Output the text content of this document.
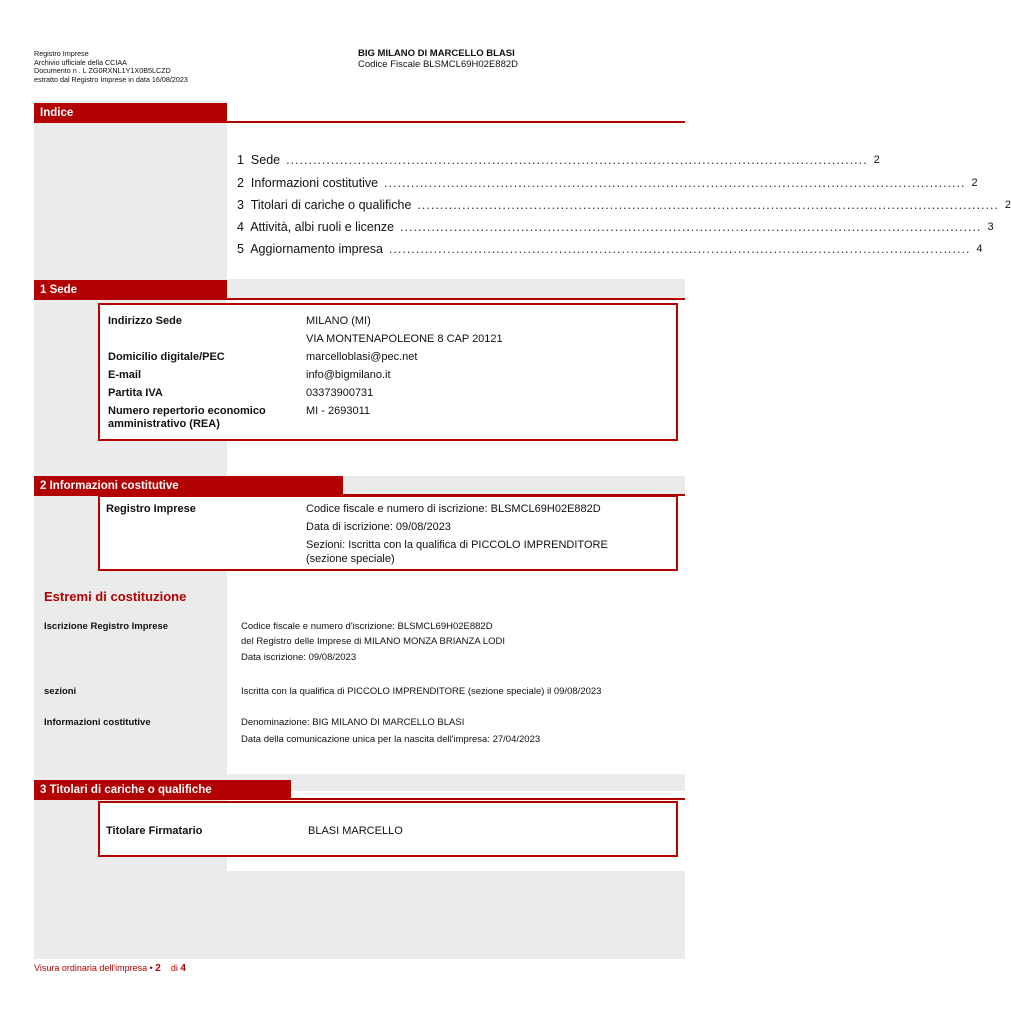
Registro Imprese
Archivio ufficiale della CCIAA
Documento n . L ZG0RXNL1Y1X0B5LCZD
estratto dal Registro Imprese in data 16/08/2023
BIG MILANO DI MARCELLO BLASI
Codice Fiscale BLSMCL69H02E882D
Indice
1 Sede .................................................................................................................................. 2
2 Informazioni costitutive .................................................................................................................................. 2
3 Titolari di cariche o qualifiche .................................................................................................................................. 2
4 Attività, albi ruoli e licenze .................................................................................................................................. 3
5 Aggiornamento impresa .................................................................................................................................. 4
1 Sede
Indirizzo Sede	MILANO (MI)
VIA MONTENAPOLEONE 8 CAP 20121
Domicilio digitale/PEC	marcelloblasi@pec.net
E-mail	info@bigmilano.it
Partita IVA	03373900731
Numero repertorio economico
amministrativo (REA)
MI - 2693011
2 Informazioni costitutive
Registro Imprese	Codice fiscale e numero di iscrizione: BLSMCL69H02E882D
Data di iscrizione: 09/08/2023
Sezioni: Iscritta con la qualifica di PICCOLO IMPRENDITORE
(sezione speciale)
Estremi di costituzione
Iscrizione Registro Imprese	Codice fiscale e numero d'iscrizione: BLSMCL69H02E882D
del Registro delle Imprese di MILANO MONZA BRIANZA LODI
Data iscrizione: 09/08/2023
sezioni	Iscritta con la qualifica di PICCOLO IMPRENDITORE (sezione speciale) il 09/08/2023
Informazioni costitutive	Denominazione: BIG MILANO DI MARCELLO BLASI
Data della comunicazione unica per la nascita dell'impresa: 27/04/2023
3 Titolari di cariche o qualifiche
Titolare Firmatario	BLASI MARCELLO
Visura ordinaria dell'impresa • 2 di 4
